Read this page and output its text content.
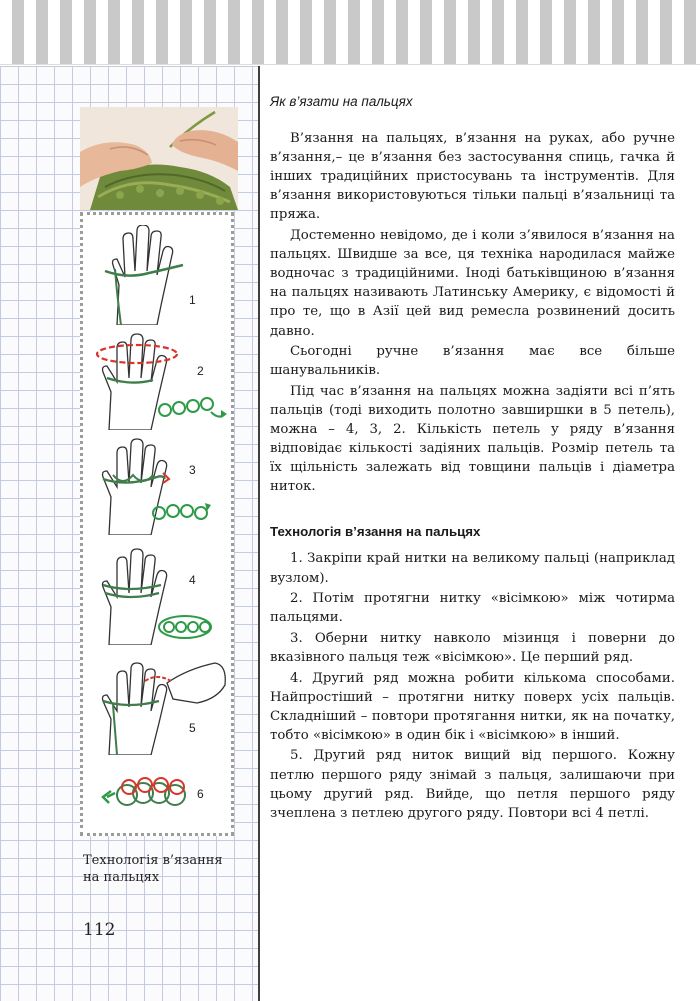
1
2
3
4
5
6
Технологія в’язання на пальцях
112
Як в’язати на пальцях

В’язання на пальцях, в’язання на руках, або ручне в’язання,– це в’язання без застосування спиць, гачка й інших традиційних пристосувань та інструментів. Для в’язання використовуються тільки пальці в’язальниці та пряжа.

Достеменно невідомо, де і коли з’явилося в’язання на пальцях. Швидше за все, ця техніка народилася майже водночас з традиційними. Іноді батьківщиною в’язання на пальцях називають Латинську Америку, є відомості й про те, що в Азії цей вид ремесла розвинений досить давно.

Сьогодні ручне в’язання має все більше шанувальників.

Під час в’язання на пальцях можна задіяти всі п’ять пальців (тоді виходить полотно завширшки в 5 петель), можна – 4, 3, 2. Кількість петель у ряду в’язання відповідає кількості задіяних пальців. Розмір петель та їх щільність залежать від товщини пальців і діаметра ниток.

Технологія в’язання на пальцях

1. Закріпи край нитки на великому пальці (наприклад вузлом).

2. Потім протягни нитку «вісімкою» між чотирма пальцями.

3. Оберни нитку навколо мізинця і поверни до вказівного пальця теж «вісімкою». Це перший ряд.

4. Другий ряд можна робити кількома способами. Найпростіший – протягни нитку поверх усіх пальців. Складніший – повтори протягання нитки, як на початку, тобто «вісімкою» в один бік і «вісімкою» в інший.

5. Другий ряд ниток вищий від першого. Кожну петлю першого ряду знімай з пальця, залишаючи при цьому другий ряд. Вийде, що петля першого ряду зчеплена з петлею другого ряду. Повтори всі 4 петлі.
